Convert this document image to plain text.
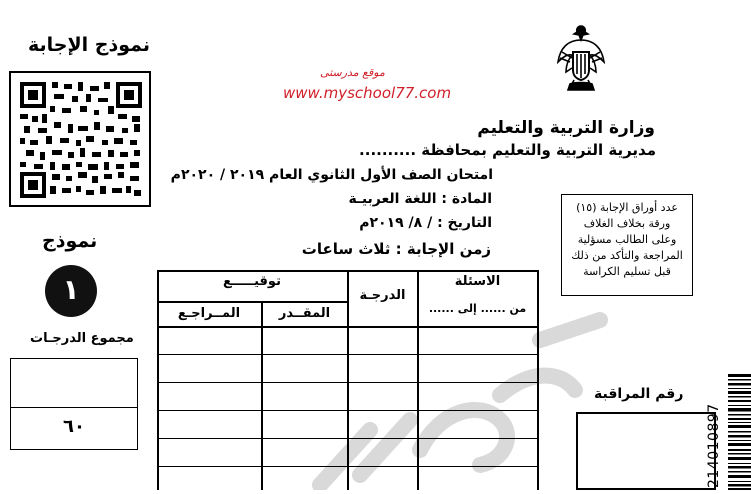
نموذج الإجابة
موقع مدرستى
www.myschool77.com
وزارة التربية والتعليم
مديرية التربية والتعليم بمحافظة ..........
امتحان الصف الأول الثانوي العام ٢٠١٩ / ٢٠٢٠م
المادة : اللغة العربيـة
التاريخ : / ٨/ ٢٠١٩م
زمن الإجابة : ثلاث ساعات
عدد أوراق الإجابة (١٥)
ورقة بخلاف الغلاف
وعلى الطالب مسؤلية
المراجعة والتأكد من ذلك
قبل تسليم الكراسة
نموذج
١
مجموع الدرجـات
٦٠
توقيـــــع
المــراجـع	المقــدر
الدرجـة
الاسئلة
من ...... إلى ......
رقم المراقبة
214010897
